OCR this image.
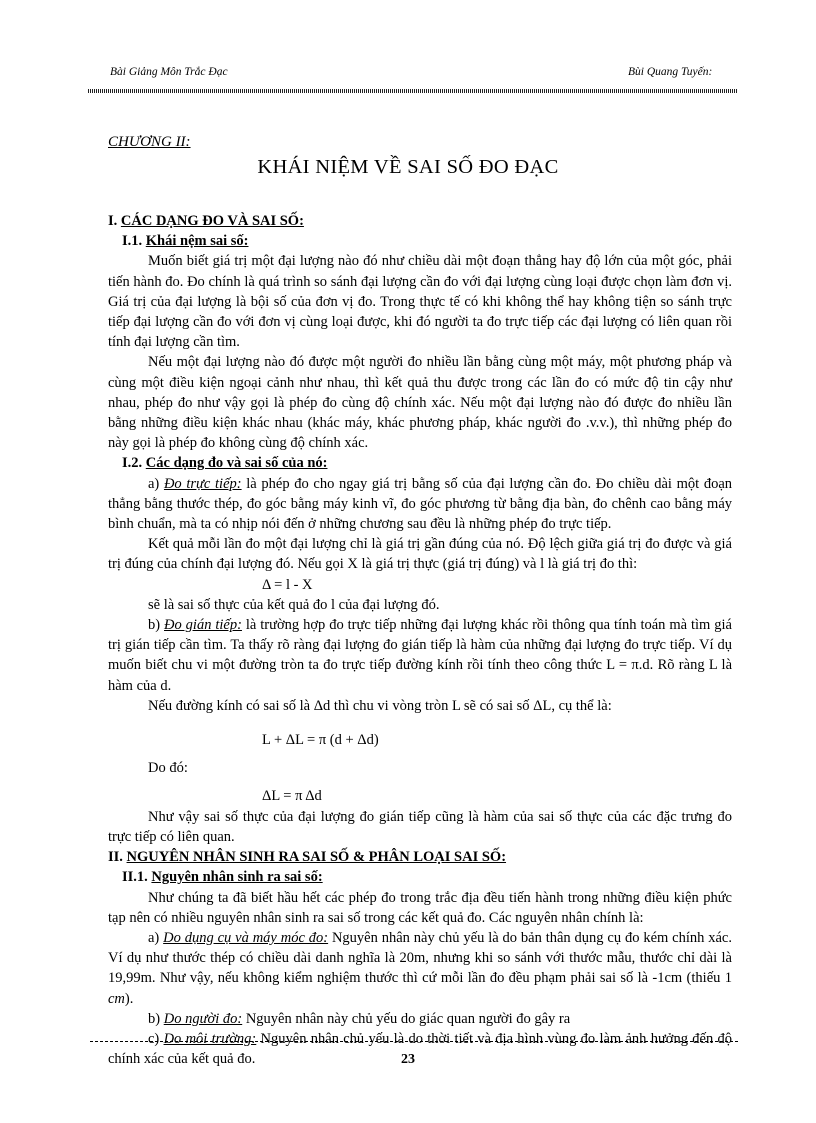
Bài Giảng Môn Trắc Đạc	Bùi Quang Tuyến:
CHƯƠNG II:
KHÁI NIỆM VỀ SAI SỐ ĐO ĐẠC

I. CÁC DẠNG ĐO VÀ SAI SỐ:

I.1. Khái nệm sai số:

Muốn biết giá trị một đại lượng nào đó như chiều dài một đoạn thẳng hay độ lớn của một góc, phải tiến hành đo. Đo chính là quá trình so sánh đại lượng cần đo với đại lượng cùng loại được chọn làm đơn vị. Giá trị của đại lượng là bội số của đơn vị đo. Trong thực tế có khi không thể hay không tiện so sánh trực tiếp đại lượng cần đo với đơn vị cùng loại được, khi đó người ta đo trực tiếp các đại lượng có liên quan rồi tính đại lượng cần tìm.

Nếu một đại lượng nào đó được một người đo nhiều lần bằng cùng một máy, một phương pháp và cùng một điều kiện ngoại cảnh như nhau, thì kết quả thu được trong các lần đo có mức độ tin cậy như nhau, phép đo như vậy gọi là phép đo cùng độ chính xác. Nếu một đại lượng nào đó được đo nhiều lần bằng những điều kiện khác nhau (khác máy, khác phương pháp, khác người đo .v.v.), thì những phép đo này gọi là phép đo không cùng độ chính xác.

I.2. Các dạng đo và sai số của nó:

a) Đo trực tiếp: là phép đo cho ngay giá trị bằng số của đại lượng cần đo. Đo chiều dài một đoạn thẳng bằng thước thép, đo góc bằng máy kinh vĩ, đo góc phương từ bằng địa bàn, đo chênh cao bằng máy bình chuẩn, mà ta có nhịp nói đến ở những chương sau đều là những phép đo trực tiếp.

Kết quả mỗi lần đo một đại lượng chỉ là giá trị gần đúng của nó. Độ lệch giữa giá trị đo được và giá trị đúng của chính đại lượng đó. Nếu gọi X là giá trị thực (giá trị đúng) và l là giá trị đo thì:

Δ = l - X

sẽ là sai số thực của kết quả đo l của đại lượng đó.

b) Đo gián tiếp: là trường hợp đo trực tiếp những đại lượng khác rồi thông qua tính toán mà tìm giá trị gián tiếp cần tìm. Ta thấy rõ ràng đại lượng đo gián tiếp là hàm của những đại lượng đo trực tiếp. Ví dụ muốn biết chu vi một đường tròn ta đo trực tiếp đường kính rồi tính theo công thức L = π.d. Rõ ràng L là hàm của d.

Nếu đường kính có sai số là Δd thì chu vi vòng tròn L sẽ có sai số ΔL, cụ thể là:

L + ΔL = π (d + Δd)

Do đó:

ΔL = π Δd

Như vậy sai số thực của đại lượng đo gián tiếp cũng là hàm của sai số thực của các đặc trưng đo trực tiếp có liên quan.

II. NGUYÊN NHÂN SINH RA SAI SỐ & PHÂN LOẠI SAI SỐ:

II.1. Nguyên nhân sinh ra sai số:

Như chúng ta đã biết hầu hết các phép đo trong trắc địa đều tiến hành trong những điều kiện phức tạp nên có nhiều nguyên nhân sinh ra sai số trong các kết quả đo. Các nguyên nhân chính là:

a) Do dụng cụ và máy móc đo: Nguyên nhân này chủ yếu là do bản thân dụng cụ đo kém chính xác. Ví dụ như thước thép có chiều dài danh nghĩa là 20m, nhưng khi so sánh với thước mẫu, thước chỉ dài là 19,99m. Như vậy, nếu không kiểm nghiệm thước thì cứ mỗi lần đo đều phạm phải sai số là -1cm (thiếu 1 cm).

b) Do người đo: Nguyên nhân này chủ yếu do giác quan người đo gây ra

c) Do môi trường: Nguyên nhân chủ yếu là do thời tiết và địa hình vùng đo làm ảnh hưởng đến độ chính xác của kết quả đo.	23
